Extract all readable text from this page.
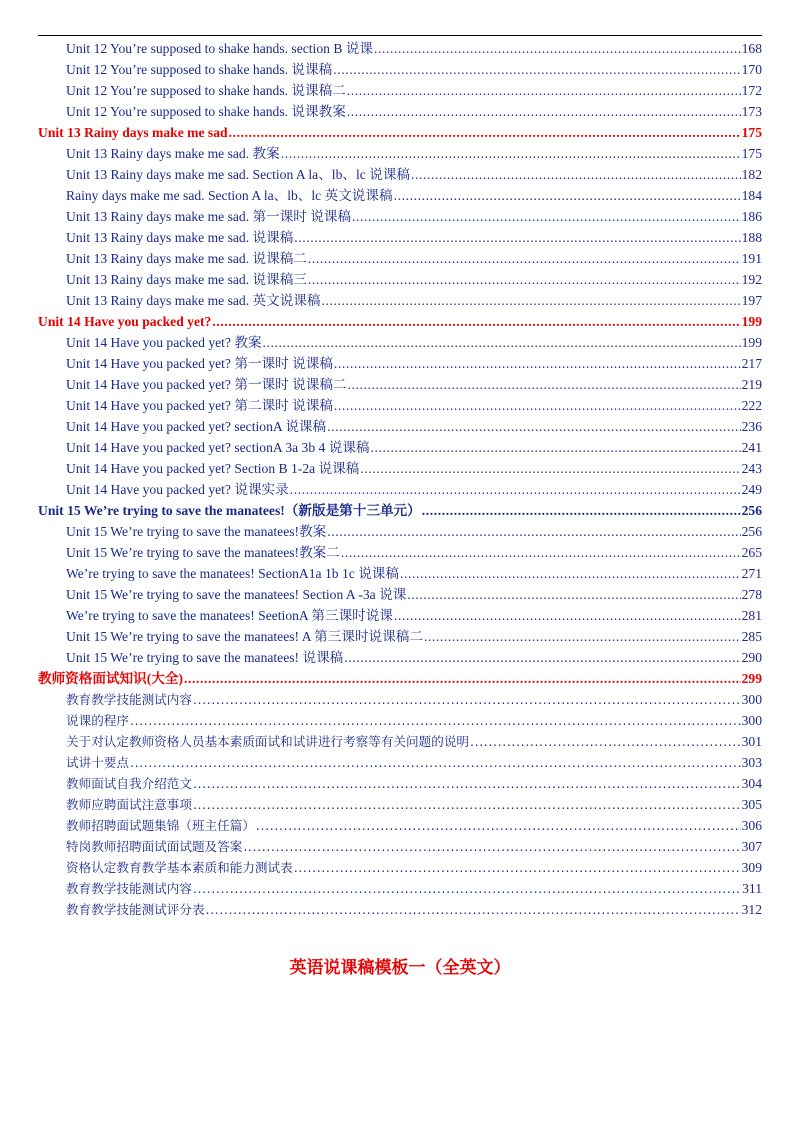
Unit 12 You’re supposed to shake hands. section B 说课 .....	168
Unit 12 You’re supposed to shake hands. 说课稿 .....	170
Unit 12 You’re supposed to shake hands. 说课稿二 .....	172
Unit 12 You’re supposed to shake hands. 说课教案 .....	173
Unit 13 Rainy days make me sad .....	175
Unit 13 Rainy days make me sad. 教案 .....	175
Unit 13 Rainy days make me sad. Section A la、lb、lc 说课稿 .....	182
Rainy days make me sad. Section A la、lb、lc 英文说课稿 .....	184
Unit 13 Rainy days make me sad. 第一课时 说课稿 .....	186
Unit 13 Rainy days make me sad. 说课稿 .....	188
Unit 13 Rainy days make me sad. 说课稿二 .....	191
Unit 13 Rainy days make me sad. 说课稿三 .....	192
Unit 13 Rainy days make me sad. 英文说课稿 .....	197
Unit 14 Have you packed yet? .....	199
Unit 14 Have you packed yet? 教案 .....	199
Unit 14 Have you packed yet? 第一课时 说课稿 .....	217
Unit 14 Have you packed yet? 第一课时 说课稿二 .....	219
Unit 14 Have you packed yet? 第二课时 说课稿 .....	222
Unit 14 Have you packed yet? sectionA 说课稿 .....	236
Unit 14 Have you packed yet? sectionA 3a 3b 4 说课稿 .....	241
Unit 14 Have you packed yet? Section B 1-2a 说课稿 .....	243
Unit 14 Have you packed yet? 说课实录 .....	249
Unit 15 We’re trying to save the manatees!（新版是第十三单元） .....	256
Unit 15 We’re trying to save the manatees!教案 .....	256
Unit 15 We’re trying to save the manatees!教案二 .....	265
We’re trying to save the manatees! SectionA1a 1b 1c 说课稿 .....	271
Unit 15 We’re trying to save the manatees! Section A -3a 说课 .....	278
We’re trying to save the manatees! SeetionA 第三课时说课 .....	281
Unit 15 We’re trying to save the manatees! A 第三课时说课稿二 .....	285
Unit 15 We’re trying to save the manatees! 说课稿 .....	290
教师资格面试知识(大全) .....	299
教育教学技能测试内容 .....	300
说课的程序 .....	300
关于对认定教师资格人员基本素质面试和试讲进行考察等有关问题的说明 .....	301
试讲十要点 .....	303
教师面试自我介绍范文 .....	304
教师应聘面试注意事项 .....	305
教师招聘面试题集锦（班主任篇） .....	306
特岗教师招聘面试面试题及答案 .....	307
资格认定教育教学基本素质和能力测试表 .....	309
教育教学技能测试内容 .....	311
教育教学技能测试评分表 .....	312
英语说课稿模板一（全英文）
